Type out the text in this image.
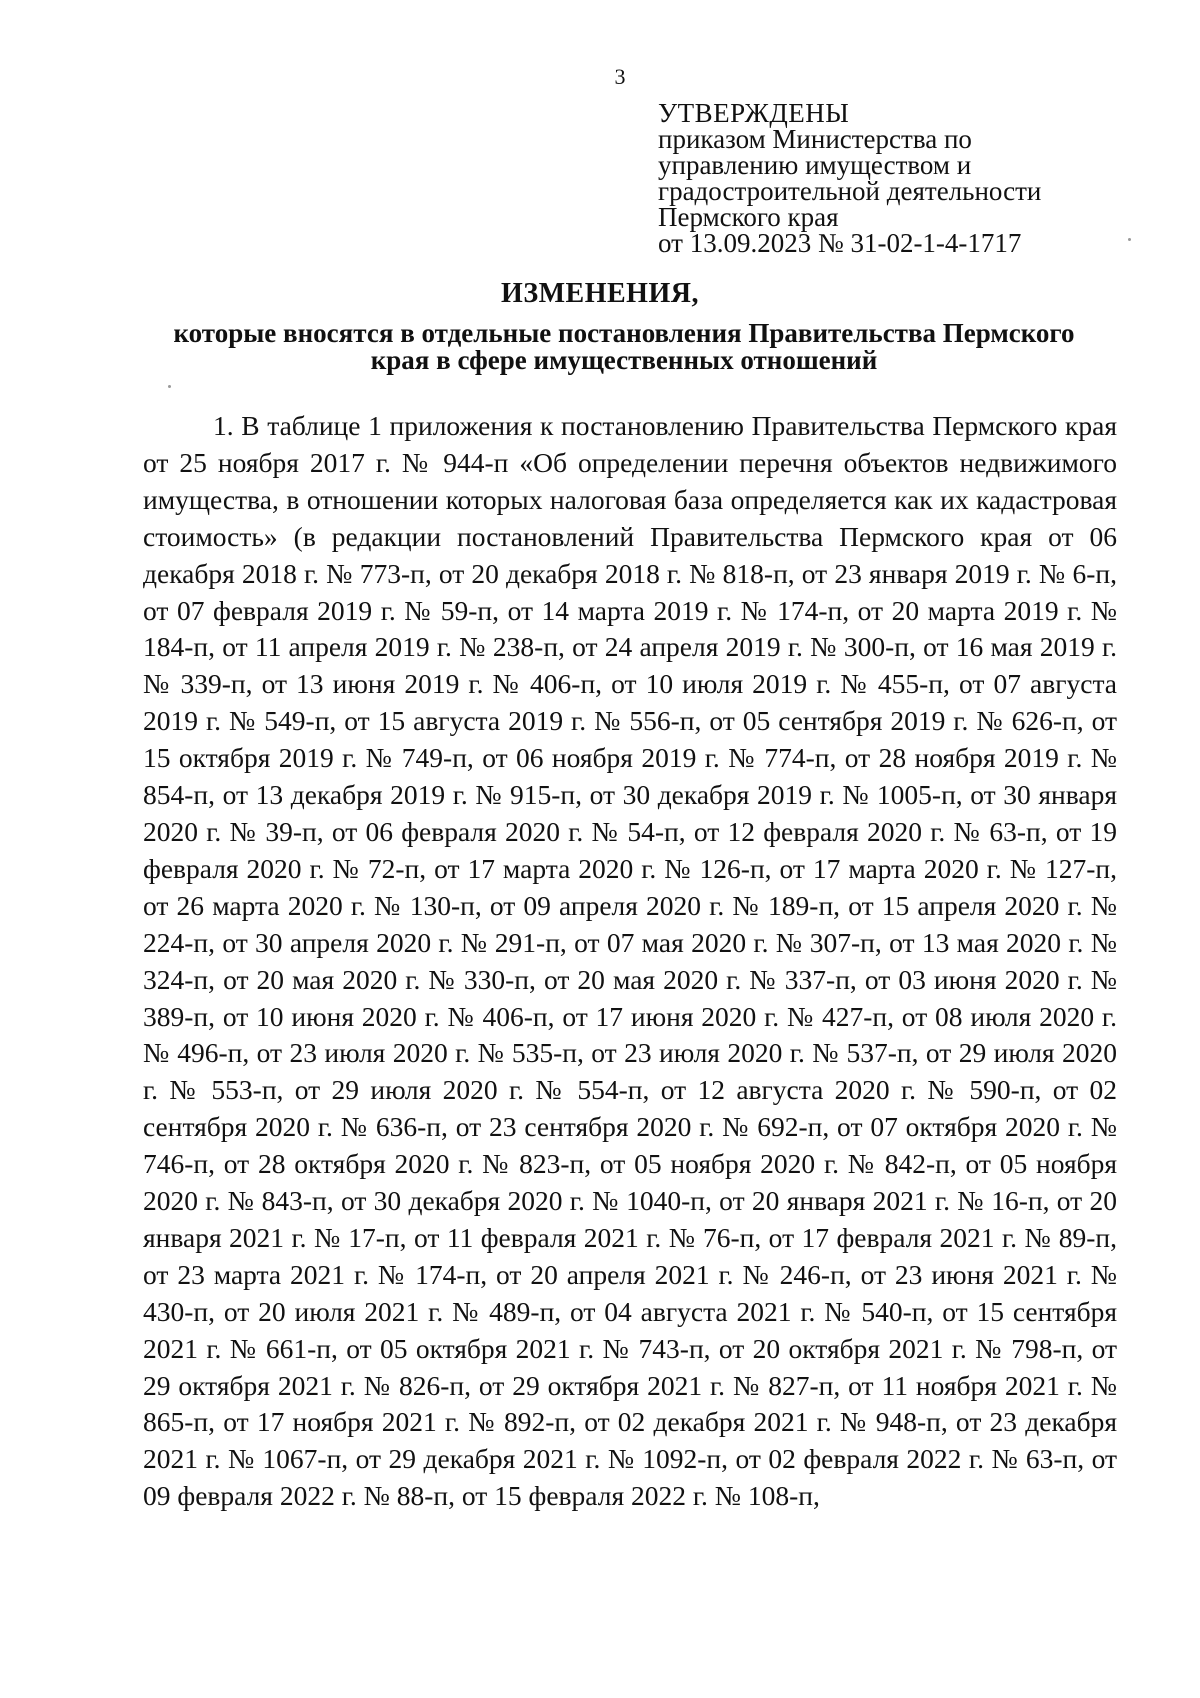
3
УТВЕРЖДЕНЫ
приказом Министерства по
управлению имуществом и
градостроительной деятельности
Пермского края
от 13.09.2023 № 31-02-1-4-1717
ИЗМЕНЕНИЯ,
которые вносятся в отдельные постановления Правительства Пермского
края в сфере имущественных отношений

1. В таблице 1 приложения к постановлению Правительства Пермского края от 25 ноября 2017 г. № 944-п «Об определении перечня объектов недвижимого имущества, в отношении которых налоговая база определяется как их кадастровая стоимость» (в редакции постановлений Правительства Пермского края от 06 декабря 2018 г. № 773-п, от 20 декабря 2018 г. № 818-п, от 23 января 2019 г. № 6-п, от 07 февраля 2019 г. № 59-п, от 14 марта 2019 г. № 174-п, от 20 марта 2019 г. № 184-п, от 11 апреля 2019 г. № 238-п, от 24 апреля 2019 г. № 300-п, от 16 мая 2019 г. № 339-п, от 13 июня 2019 г. № 406-п, от 10 июля 2019 г. № 455-п, от 07 августа 2019 г. № 549-п, от 15 августа 2019 г. № 556-п, от 05 сентября 2019 г. № 626-п, от 15 октября 2019 г. № 749-п, от 06 ноября 2019 г. № 774-п, от 28 ноября 2019 г. № 854-п, от 13 декабря 2019 г. № 915-п, от 30 декабря 2019 г. № 1005-п, от 30 января 2020 г. № 39-п, от 06 февраля 2020 г. № 54-п, от 12 февраля 2020 г. № 63-п, от 19 февраля 2020 г. № 72-п, от 17 марта 2020 г. № 126-п, от 17 марта 2020 г. № 127-п, от 26 марта 2020 г. № 130-п, от 09 апреля 2020 г. № 189-п, от 15 апреля 2020 г. № 224-п, от 30 апреля 2020 г. № 291-п, от 07 мая 2020 г. № 307-п, от 13 мая 2020 г. № 324-п, от 20 мая 2020 г. № 330-п, от 20 мая 2020 г. № 337-п, от 03 июня 2020 г. № 389-п, от 10 июня 2020 г. № 406-п, от 17 июня 2020 г. № 427-п, от 08 июля 2020 г. № 496-п, от 23 июля 2020 г. № 535-п, от 23 июля 2020 г. № 537-п, от 29 июля 2020 г. № 553-п, от 29 июля 2020 г. № 554-п, от 12 августа 2020 г. № 590-п, от 02 сентября 2020 г. № 636-п, от 23 сентября 2020 г. № 692-п, от 07 октября 2020 г. № 746-п, от 28 октября 2020 г. № 823-п, от 05 ноября 2020 г. № 842-п, от 05 ноября 2020 г. № 843-п, от 30 декабря 2020 г. № 1040-п, от 20 января 2021 г. № 16-п, от 20 января 2021 г. № 17-п, от 11 февраля 2021 г. № 76-п, от 17 февраля 2021 г. № 89-п, от 23 марта 2021 г. № 174-п, от 20 апреля 2021 г. № 246-п, от 23 июня 2021 г. № 430-п, от 20 июля 2021 г. № 489-п, от 04 августа 2021 г. № 540-п, от 15 сентября 2021 г. № 661-п, от 05 октября 2021 г. № 743-п, от 20 октября 2021 г. № 798-п, от 29 октября 2021 г. № 826-п, от 29 октября 2021 г. № 827-п, от 11 ноября 2021 г. № 865-п, от 17 ноября 2021 г. № 892-п, от 02 декабря 2021 г. № 948-п, от 23 декабря 2021 г. № 1067-п, от 29 декабря 2021 г. № 1092-п, от 02 февраля 2022 г. № 63-п, от 09 февраля 2022 г. № 88-п, от 15 февраля 2022 г. № 108-п,
